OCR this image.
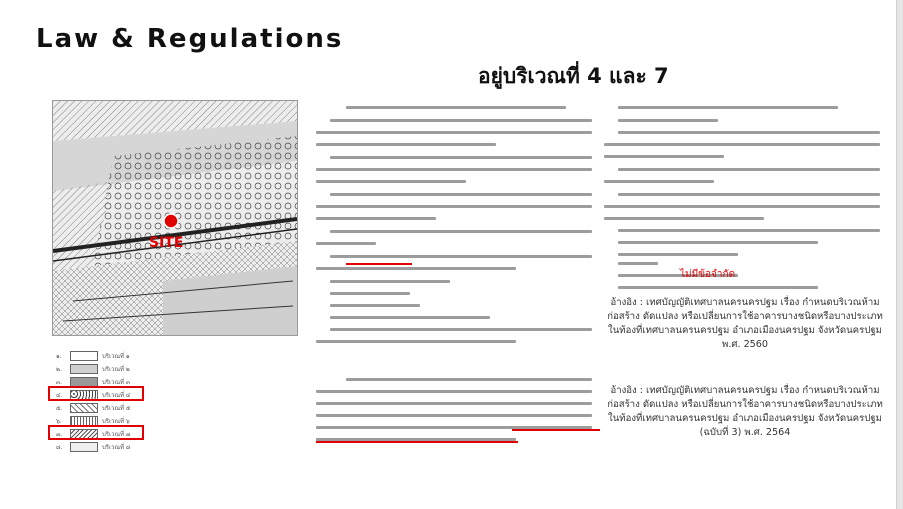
Law & Regulations
อยู่บริเวณที่ 4 และ 7
SITE
๑.	บริเวณที่ ๑
๒.	บริเวณที่ ๒
๓.	บริเวณที่ ๓
๔.	บริเวณที่ ๔
๕.	บริเวณที่ ๕
๖.	บริเวณที่ ๖
๗.	บริเวณที่ ๗
๘.	บริเวณที่ ๘
ไม่มีข้อจำกัด
อ้างอิง : เทศบัญญัติเทศบาลนครนครปฐม เรื่อง กำหนดบริเวณห้ามก่อสร้าง ดัดแปลง หรือเปลี่ยนการใช้อาคารบางชนิดหรือบางประเภท ในท้องที่เทศบาลนครนครปฐม อำเภอเมืองนครปฐม จังหวัดนครปฐม พ.ศ. 2560
อ้างอิง : เทศบัญญัติเทศบาลนครนครปฐม เรื่อง กำหนดบริเวณห้ามก่อสร้าง ดัดแปลง หรือเปลี่ยนการใช้อาคารบางชนิดหรือบางประเภท ในท้องที่เทศบาลนครนครปฐม อำเภอเมืองนครปฐม จังหวัดนครปฐม (ฉบับที่ 3) พ.ศ. 2564
